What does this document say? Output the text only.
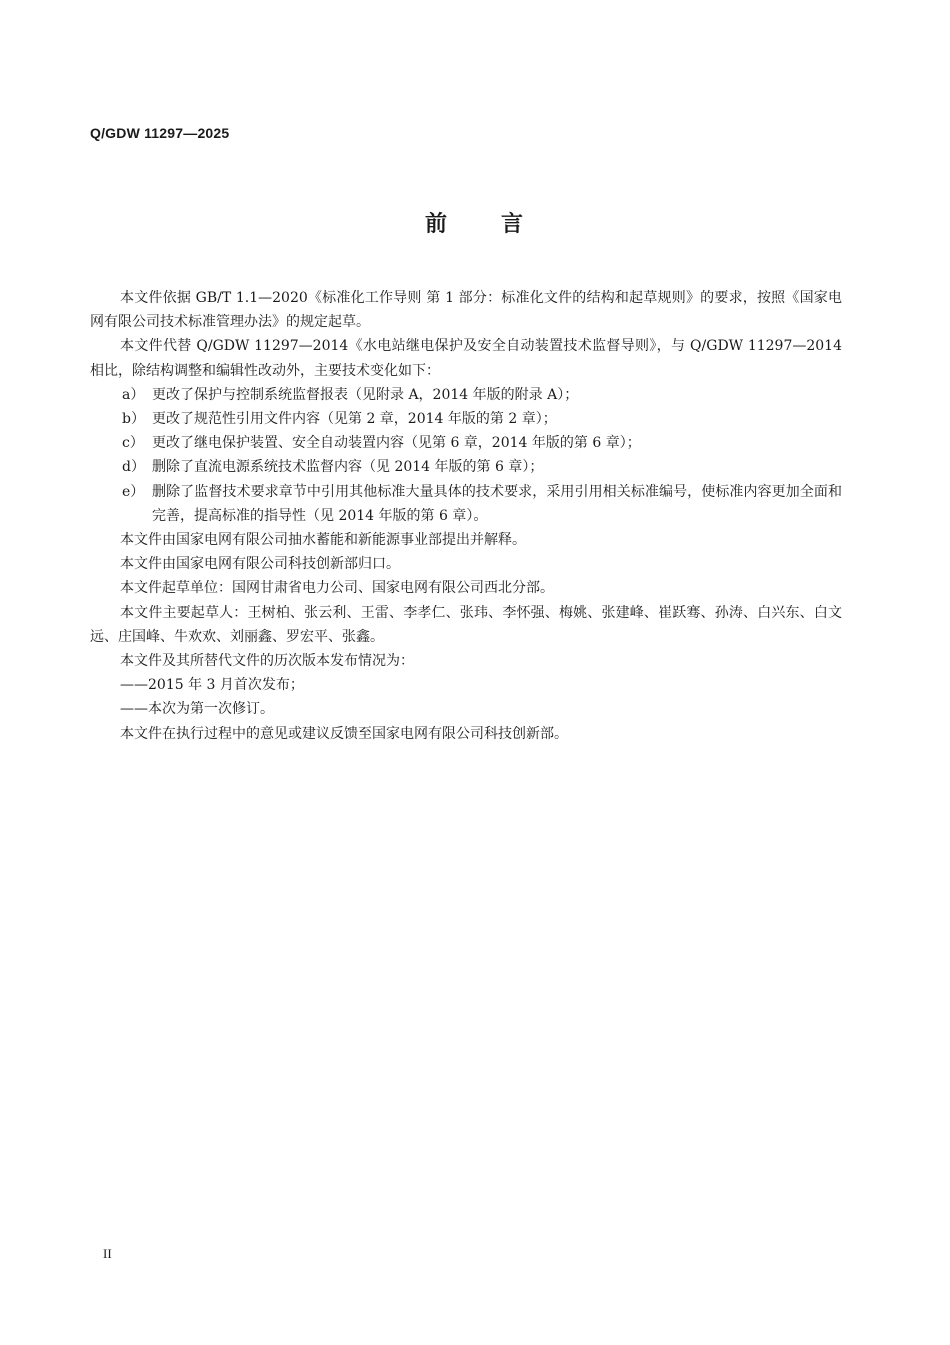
Q/GDW 11297—2025
前 言

本文件依据 GB/T 1.1—2020《标准化工作导则 第 1 部分：标准化文件的结构和起草规则》的要求，按照《国家电网有限公司技术标准管理办法》的规定起草。

本文件代替 Q/GDW 11297—2014《水电站继电保护及安全自动装置技术监督导则》，与 Q/GDW 11297—2014 相比，除结构调整和编辑性改动外，主要技术变化如下：

a） 更改了保护与控制系统监督报表（见附录 A，2014 年版的附录 A）；

b） 更改了规范性引用文件内容（见第 2 章，2014 年版的第 2 章）；

c） 更改了继电保护装置、安全自动装置内容（见第 6 章，2014 年版的第 6 章）；

d） 删除了直流电源系统技术监督内容（见 2014 年版的第 6 章）；

e） 删除了监督技术要求章节中引用其他标准大量具体的技术要求，采用引用相关标准编号，使标准内容更加全面和完善，提高标准的指导性（见 2014 年版的第 6 章）。

本文件由国家电网有限公司抽水蓄能和新能源事业部提出并解释。

本文件由国家电网有限公司科技创新部归口。

本文件起草单位：国网甘肃省电力公司、国家电网有限公司西北分部。

本文件主要起草人：王树柏、张云利、王雷、李孝仁、张玮、李怀强、梅姚、张建峰、崔跃骞、孙涛、白兴东、白文远、庄国峰、牛欢欢、刘丽鑫、罗宏平、张鑫。

本文件及其所替代文件的历次版本发布情况为：

——2015 年 3 月首次发布；

——本次为第一次修订。

本文件在执行过程中的意见或建议反馈至国家电网有限公司科技创新部。

II
